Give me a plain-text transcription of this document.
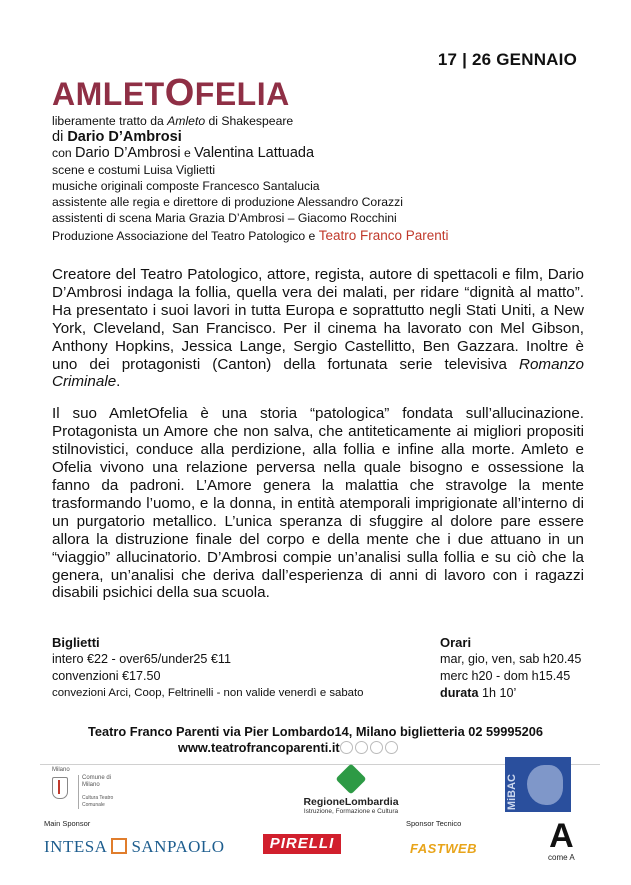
17 | 26 GENNAIO
AMLETOFELIA
liberamente tratto da Amleto di Shakespeare
di Dario D’Ambrosi
con Dario D’Ambrosi e Valentina Lattuada
scene e costumi Luisa Viglietti
musiche originali composte Francesco Santalucia
assistente alle regia e direttore di produzione Alessandro Corazzi
assistenti di scena Maria Grazia D’Ambrosi – Giacomo Rocchini
Produzione Associazione del Teatro Patologico e Teatro Franco Parenti

Creatore del Teatro Patologico, attore, regista, autore di spettacoli e film, Dario D’Ambrosi indaga la follia, quella vera dei malati, per ridare “dignità al matto”. Ha presentato i suoi lavori in tutta Europa e soprattutto negli Stati Uniti, a New York, Cleveland, San Francisco. Per il cinema ha lavorato con Mel Gibson, Anthony Hopkins, Jessica Lange, Sergio Castellitto, Ben Gazzara. Inoltre è uno dei protagonisti (Canton) della fortunata serie televisiva Romanzo Criminale.

Il suo AmletOfelia è una storia “patologica” fondata sull’allucinazione. Protagonista un Amore che non salva, che antiteticamente ai migliori propositi stilnovistici, conduce alla perdizione, alla follia e infine alla morte. Amleto e Ofelia vivono una relazione perversa nella quale bisogno e ossessione la fanno da padroni. L’Amore genera la malattia che stravolge la mente trasformando l’uomo, e la donna, in entità atemporali imprigionate all’interno di un purgatorio metallico. L’unica speranza di sfuggire al dolore pare essere allora la distruzione finale del corpo e della mente che i due attuano in un “viaggio” allucinatorio. D’Ambrosi compie un’analisi sulla follia e su ciò che la genera, un’analisi che deriva dall’esperienza di anni di lavoro con i ragazzi disabili psichici della sua scuola.

Biglietti
intero €22 - over65/under25 €11
convenzioni €17.50
convezioni Arci, Coop, Feltrinelli - non valide venerdì e sabato
Orari
mar, gio, ven, sab h20.45
merc h20 - dom h15.45
durata 1h 10’
Teatro Franco Parenti via Pier Lombardo14, Milano biglietteria 02 59995206
www.teatrofrancoparenti.it
Milano
Comune di Milano
Cultura Teatro Comunale	RegioneLombardia
Istruzione, Formazione e Cultura
MiBAC
Main Sponsor
INTESA SANPAOLO	PIRELLI
Sponsor Tecnico
FASTWEB A
come A
